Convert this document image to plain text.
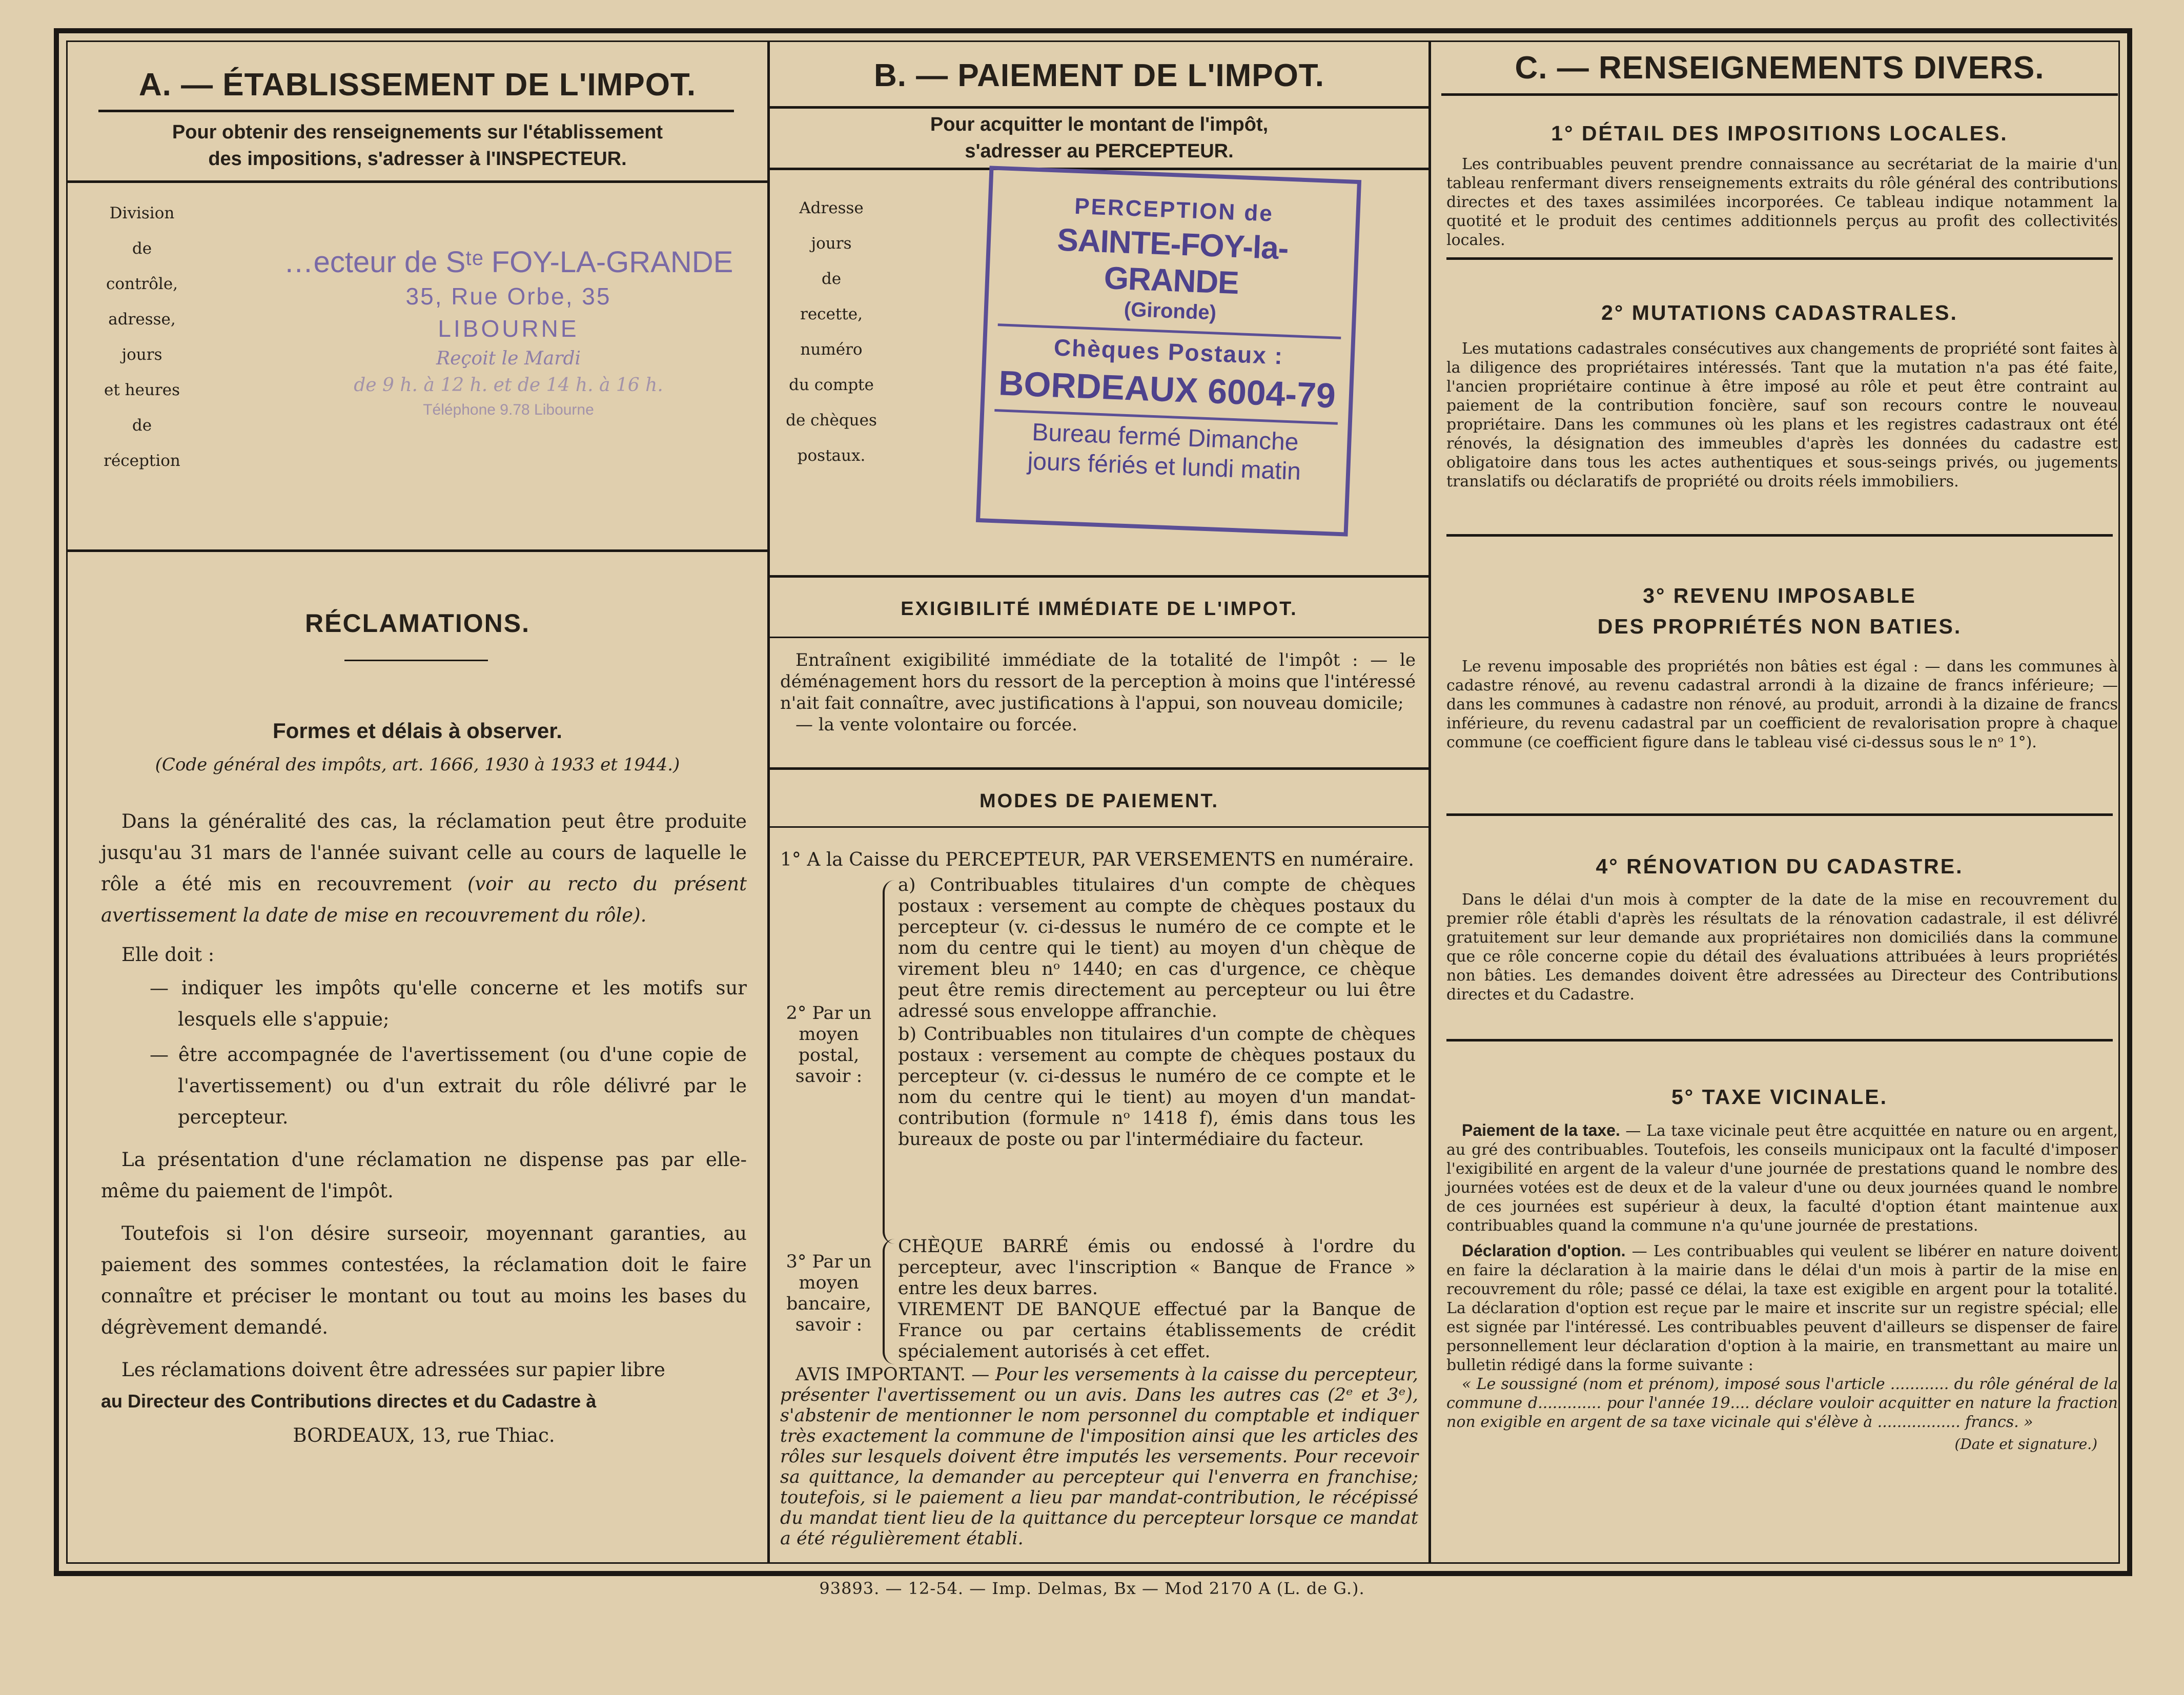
A. — ÉTABLISSEMENT DE L'IMPOT.
Pour obtenir des renseignements sur l'établissement
des impositions, s'adresser à l'INSPECTEUR.
Division
de
contrôle,
adresse,
jours
et heures
de
réception
…ecteur de Sᵗᵉ FOY-LA-GRANDE
35, Rue Orbe, 35
LIBOURNE
Reçoit le Mardi
de 9 h. à 12 h. et de 14 h. à 16 h.
Téléphone 9.78 Libourne
RÉCLAMATIONS.
Formes et délais à observer.
(Code général des impôts, art. 1666, 1930 à 1933 et 1944.)

Dans la généralité des cas, la réclamation peut être produite jusqu'au 31 mars de l'année suivant celle au cours de laquelle le rôle a été mis en recouvrement (voir au recto du présent avertissement la date de mise en recouvrement du rôle).

Elle doit :

— indiquer les impôts qu'elle concerne et les motifs sur lesquels elle s'appuie;

— être accompagnée de l'avertissement (ou d'une copie de l'avertissement) ou d'un extrait du rôle délivré par le percepteur.

La présentation d'une réclamation ne dispense pas par elle-même du paiement de l'impôt.

Toutefois si l'on désire surseoir, moyennant garanties, au paiement des sommes contestées, la réclamation doit le faire connaître et préciser le montant ou tout au moins les bases du dégrèvement demandé.

Les réclamations doivent être adressées sur papier libre

au Directeur des Contributions directes et du Cadastre à

BORDEAUX, 13, rue Thiac.

B. — PAIEMENT DE L'IMPOT.
Pour acquitter le montant de l'impôt,
s'adresser au PERCEPTEUR.
Adresse
jours
de
recette,
numéro
du compte
de chèques
postaux.
PERCEPTION de
SAINTE-FOY-la-GRANDE
(Gironde)
Chèques Postaux :
BORDEAUX 6004-79
Bureau fermé Dimanche
jours fériés et lundi matin
EXIGIBILITÉ IMMÉDIATE DE L'IMPOT.

Entraînent exigibilité immédiate de la totalité de l'impôt : — le déménagement hors du ressort de la perception à moins que l'intéressé n'ait fait connaître, avec justifications à l'appui, son nouveau domicile;

— la vente volontaire ou forcée.

MODES DE PAIEMENT.
1° A la Caisse du PERCEPTEUR, PAR VERSEMENTS en numéraire.
2° Par un moyen postal, savoir :

a) Contribuables titulaires d'un compte de chèques postaux : versement au compte de chèques postaux du percepteur (v. ci-dessus le numéro de ce compte et le nom du centre qui le tient) au moyen d'un chèque de virement bleu nᵒ 1440; en cas d'urgence, ce chèque peut être remis directement au percepteur ou lui être adressé sous enveloppe affranchie.

b) Contribuables non titulaires d'un compte de chèques postaux : versement au compte de chèques postaux du percepteur (v. ci-dessus le numéro de ce compte et le nom du centre qui le tient) au moyen d'un mandat-contribution (formule nᵒ 1418 f), émis dans tous les bureaux de poste ou par l'intermédiaire du facteur.

3° Par un moyen bancaire, savoir :

CHÈQUE BARRÉ émis ou endossé à l'ordre du percepteur, avec l'inscription « Banque de France » entre les deux barres.

VIREMENT DE BANQUE effectué par la Banque de France ou par certains établissements de crédit spécialement autorisés à cet effet.

AVIS IMPORTANT. — Pour les versements à la caisse du percepteur, présenter l'avertissement ou un avis. Dans les autres cas (2ᵉ et 3ᵉ), s'abstenir de mentionner le nom personnel du comptable et indiquer très exactement la commune de l'imposition ainsi que les articles des rôles sur lesquels doivent être imputés les versements. Pour recevoir sa quittance, la demander au percepteur qui l'enverra en franchise; toutefois, si le paiement a lieu par mandat-contribution, le récépissé du mandat tient lieu de la quittance du percepteur lorsque ce mandat a été régulièrement établi.

C. — RENSEIGNEMENTS DIVERS.
1° DÉTAIL DES IMPOSITIONS LOCALES.

Les contribuables peuvent prendre connaissance au secrétariat de la mairie d'un tableau renfermant divers renseignements extraits du rôle général des contributions directes et des taxes assimilées incorporées. Ce tableau indique notamment la quotité et le produit des centimes additionnels perçus au profit des collectivités locales.

2° MUTATIONS CADASTRALES.

Les mutations cadastrales consécutives aux changements de propriété sont faites à la diligence des propriétaires intéressés. Tant que la mutation n'a pas été faite, l'ancien propriétaire continue à être imposé au rôle et peut être contraint au paiement de la contribution foncière, sauf son recours contre le nouveau propriétaire. Dans les communes où les plans et les registres cadastraux ont été rénovés, la désignation des immeubles d'après les données du cadastre est obligatoire dans tous les actes authentiques et sous-seings privés, ou jugements translatifs ou déclaratifs de propriété ou droits réels immobiliers.

3° REVENU IMPOSABLE
DES PROPRIÉTÉS NON BATIES.

Le revenu imposable des propriétés non bâties est égal : — dans les communes à cadastre rénové, au revenu cadastral arrondi à la dizaine de francs inférieure; — dans les communes à cadastre non rénové, au produit, arrondi à la dizaine de francs inférieure, du revenu cadastral par un coefficient de revalorisation propre à chaque commune (ce coefficient figure dans le tableau visé ci-dessus sous le nᵒ 1°).

4° RÉNOVATION DU CADASTRE.

Dans le délai d'un mois à compter de la date de la mise en recouvrement du premier rôle établi d'après les résultats de la rénovation cadastrale, il est délivré gratuitement sur leur demande aux propriétaires non domiciliés dans la commune que ce rôle concerne copie du détail des évaluations attribuées à leurs propriétés non bâties. Les demandes doivent être adressées au Directeur des Contributions directes et du Cadastre.

5° TAXE VICINALE.

Paiement de la taxe. — La taxe vicinale peut être acquittée en nature ou en argent, au gré des contribuables. Toutefois, les conseils municipaux ont la faculté d'imposer l'exigibilité en argent de la valeur d'une journée de prestations quand le nombre des journées votées est de deux et de la valeur d'une ou deux journées quand le nombre de ces journées est supérieur à deux, la faculté d'option étant maintenue aux contribuables quand la commune n'a qu'une journée de prestations.

Déclaration d'option. — Les contribuables qui veulent se libérer en nature doivent en faire la déclaration à la mairie dans le délai d'un mois à partir de la mise en recouvrement du rôle; passé ce délai, la taxe est exigible en argent pour la totalité. La déclaration d'option est reçue par le maire et inscrite sur un registre spécial; elle est signée par l'intéressé. Les contribuables peuvent d'ailleurs se dispenser de faire personnellement leur déclaration d'option à la mairie, en transmettant au maire un bulletin rédigé dans la forme suivante :

« Le soussigné (nom et prénom), imposé sous l'article ............ du rôle général de la commune d............. pour l'année 19.... déclare vouloir acquitter en nature la fraction non exigible en argent de sa taxe vicinale qui s'élève à ................. francs. »

(Date et signature.)

93893. — 12-54. — Imp. Delmas, Bx — Mod 2170 A (L. de G.).
